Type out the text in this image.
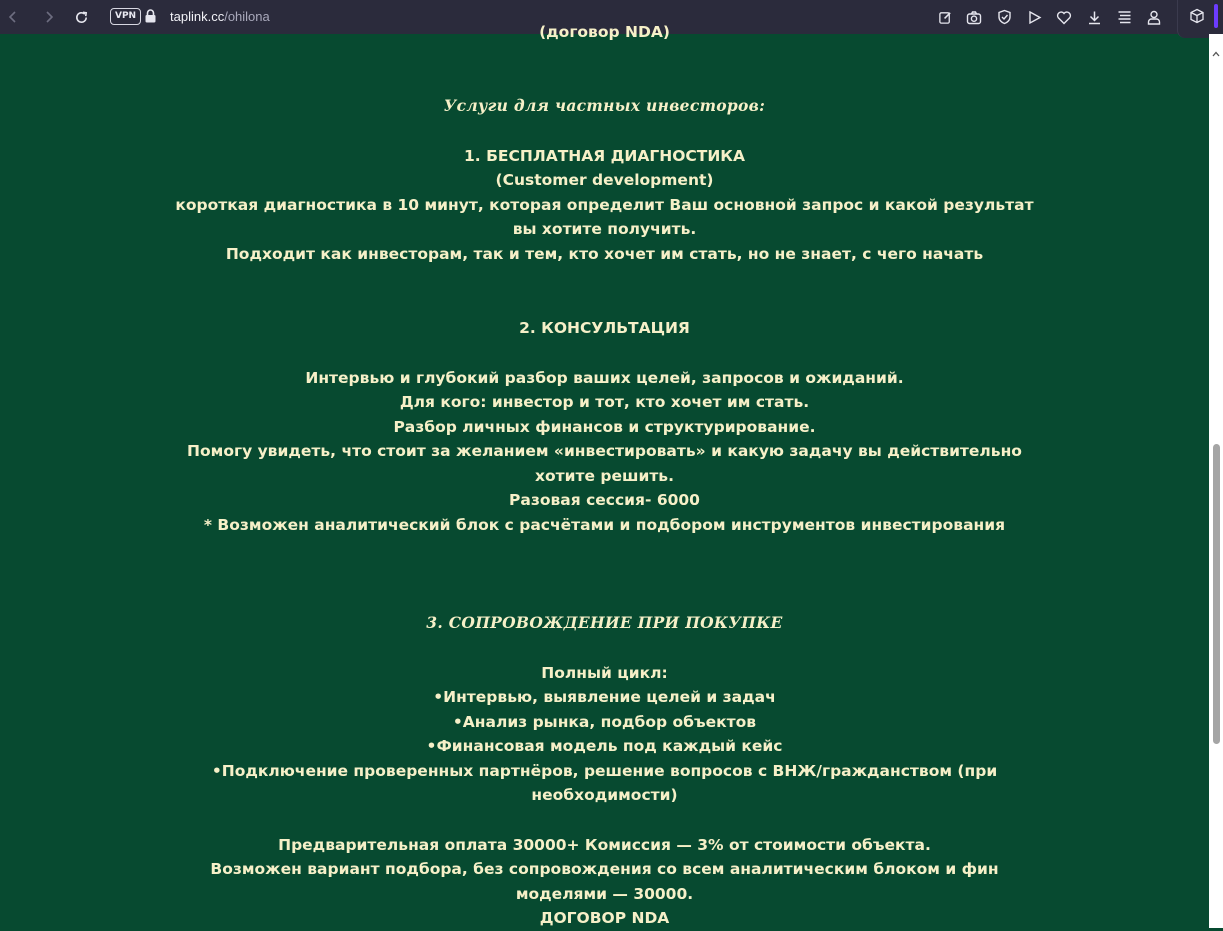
VPN	taplink.cc/ohilona
(договор NDA)
Услуги для частных инвесторов:
1. БЕСПЛАТНАЯ ДИАГНОСТИКА
(Customer development)
короткая диагностика в 10 минут, которая определит Ваш основной запрос и какой результат
вы хотите получить.
Подходит как инвесторам, так и тем, кто хочет им стать, но не знает, с чего начать
2. КОНСУЛЬТАЦИЯ
Интервью и глубокий разбор ваших целей, запросов и ожиданий.
Для кого: инвестор и тот, кто хочет им стать.
Разбор личных финансов и структурирование.
Помогу увидеть, что стоит за желанием «инвестировать» и какую задачу вы действительно
хотите решить.
Разовая сессия- 6000
* Возможен аналитический блок с расчётами и подбором инструментов инвестирования
3. СОПРОВОЖДЕНИЕ ПРИ ПОКУПКЕ
Полный цикл:
•Интервью, выявление целей и задач
•Анализ рынка, подбор объектов
•Финансовая модель под каждый кейс
•Подключение проверенных партнёров, решение вопросов с ВНЖ/гражданством (при
необходимости)
Предварительная оплата 30000+ Комиссия — 3% от стоимости объекта.
Возможен вариант подбора, без сопровождения со всем аналитическим блоком и фин
моделями — 30000.
ДОГОВОР NDA
